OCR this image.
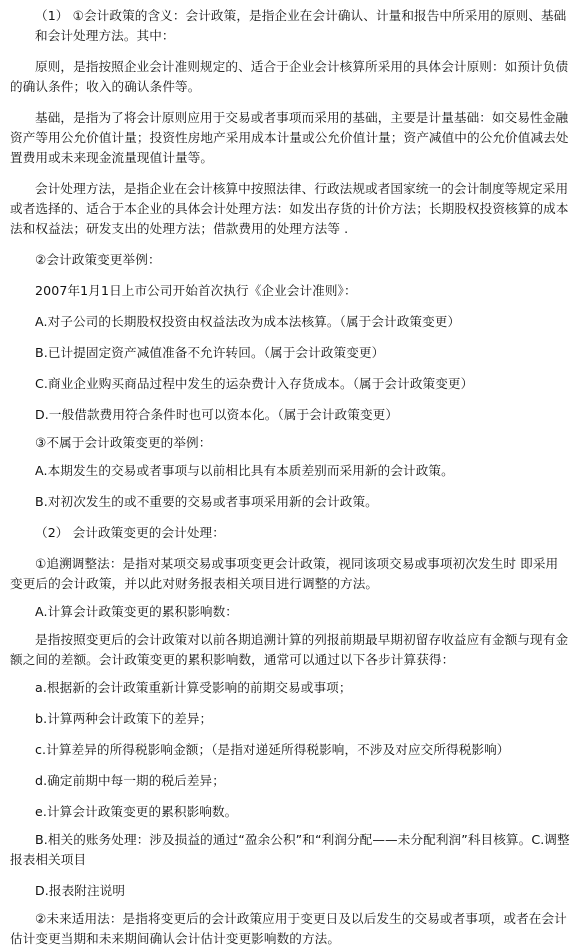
（1） ①会计政策的含义：会计政策，是指企业在会计确认、计量和报告中所采用的原则、基础和会计处理方法。其中：

原则，是指按照企业会计准则规定的、适合于企业会计核算所采用的具体会计原则：如预计负债的确认条件；收入的确认条件等。

基础，是指为了将会计原则应用于交易或者事项而采用的基础，主要是计量基础：如交易性金融资产等用公允价值计量；投资性房地产采用成本计量或公允价值计量；资产减值中的公允价值减去处置费用或未来现金流量现值计量等。

会计处理方法，是指企业在会计核算中按照法律、行政法规或者国家统一的会计制度等规定采用或者选择的、适合于本企业的具体会计处理方法：如发出存货的计价方法；长期股权投资核算的成本法和权益法；研发支出的处理方法；借款费用的处理方法等 .

②会计政策变更举例：

2007年1月1日上市公司开始首次执行《企业会计准则》：

A.对子公司的长期股权投资由权益法改为成本法核算。（属于会计政策变更）

B.已计提固定资产减值准备不允许转回。（属于会计政策变更）

C.商业企业购买商品过程中发生的运杂费计入存货成本。（属于会计政策变更）

D.一般借款费用符合条件时也可以资本化。（属于会计政策变更）

③不属于会计政策变更的举例：

A.本期发生的交易或者事项与以前相比具有本质差别而采用新的会计政策。

B.对初次发生的或不重要的交易或者事项采用新的会计政策。

（2） 会计政策变更的会计处理：

①追溯调整法：是指对某项交易或事项变更会计政策，视同该项交易或事项初次发生时 即采用变更后的会计政策，并以此对财务报表相关项目进行调整的方法。

A.计算会计政策变更的累积影响数：

是指按照变更后的会计政策对以前各期追溯计算的列报前期最早期初留存收益应有金额与现有金额之间的差额。会计政策变更的累积影响数，通常可以通过以下各步计算获得：

a.根据新的会计政策重新计算受影响的前期交易或事项；

b.计算两种会计政策下的差异；

c.计算差异的所得税影响金额；（是指对递延所得税影响，不涉及对应交所得税影响）

d.确定前期中每一期的税后差异；

e.计算会计政策变更的累积影响数。

B.相关的账务处理：涉及损益的通过“盈余公积”和“利润分配——未分配利润”科目核算。C.调整报表相关项目

D.报表附注说明

②未来适用法：是指将变更后的会计政策应用于变更日及以后发生的交易或者事项，或者在会计估计变更当期和未来期间确认会计估计变更影响数的方法。
